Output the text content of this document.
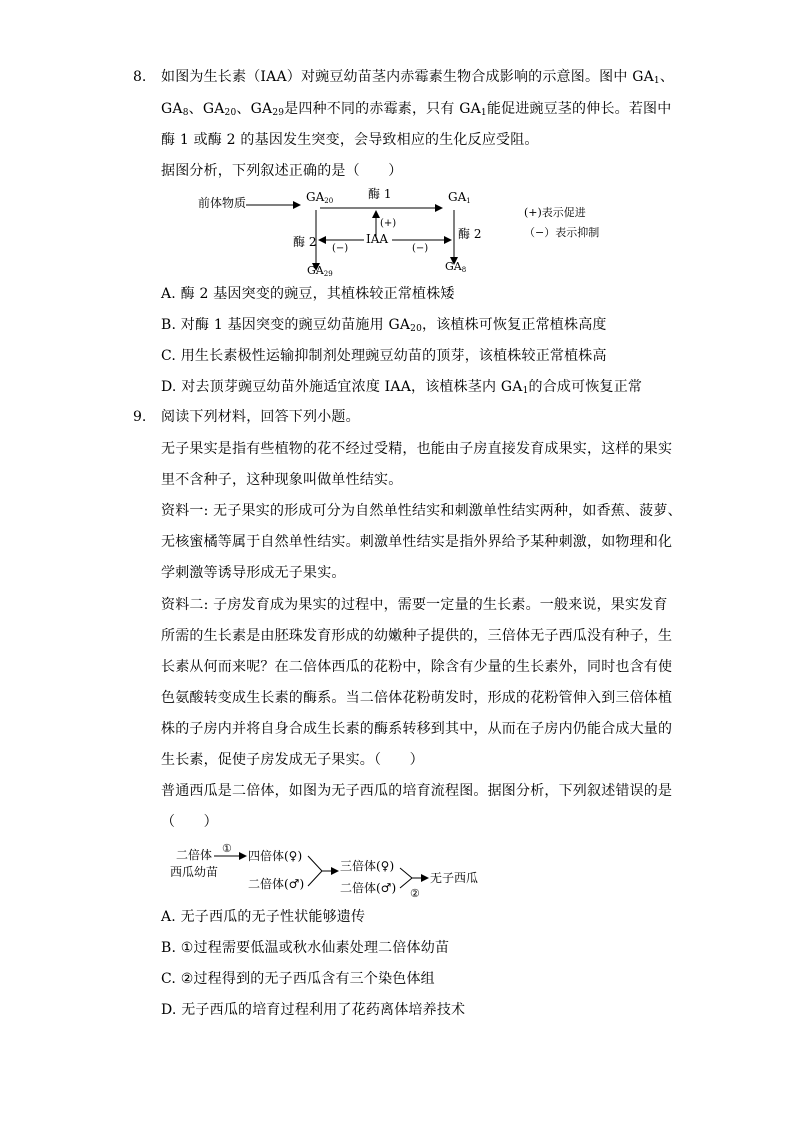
8. 如图为生长素（IAA）对豌豆幼苗茎内赤霉素生物合成影响的示意图。图中 $GA_1$、
$GA_8$、$GA_{20}$、$GA_{29}$是四种不同的赤霉素，只有 $GA_1$能促进豌豆茎的伸长。若图中
酶 1 或酶 2 的基因发生突变，会导致相应的生化反应受阻。
据图分析，下列叙述正确的是（　　）
前体物质	GA20	酶 1	GA1
酶 2
GA29
酶 2
GA8
(+)
IAA
(−)	(−)
(+)表示促进
（−）表示抑制
A. 酶 2 基因突变的豌豆，其植株较正常植株矮
B. 对酶 1 基因突变的豌豆幼苗施用 $GA_{20}$，该植株可恢复正常植株高度
C. 用生长素极性运输抑制剂处理豌豆幼苗的顶芽，该植株较正常植株高
D. 对去顶芽豌豆幼苗外施适宜浓度 IAA，该植株茎内 $GA_1$的合成可恢复正常
9. 阅读下列材料，回答下列小题。
无子果实是指有些植物的花不经过受精，也能由子房直接发育成果实，这样的果实
里不含种子，这种现象叫做单性结实。
资料一: 无子果实的形成可分为自然单性结实和刺激单性结实两种，如香蕉、菠萝、
无核蜜橘等属于自然单性结实。刺激单性结实是指外界给予某种刺激，如物理和化
学刺激等诱导形成无子果实。
资料二: 子房发育成为果实的过程中，需要一定量的生长素。一般来说，果实发育
所需的生长素是由胚珠发育形成的幼嫩种子提供的，三倍体无子西瓜没有种子，生
长素从何而来呢？在二倍体西瓜的花粉中，除含有少量的生长素外，同时也含有使
色氨酸转变成生长素的酶系。当二倍体花粉萌发时，形成的花粉管伸入到三倍体植
株的子房内并将自身合成生长素的酶系转移到其中，从而在子房内仍能合成大量的
生长素，促使子房发成无子果实。（　　）
普通西瓜是二倍体，如图为无子西瓜的培育流程图。据图分析，下列叙述错误的是
（　　）
二倍体
西瓜幼苗
①
四倍体(♀)
二倍体(♂)
三倍体(♀)
二倍体(♂) ②
无子西瓜
A. 无子西瓜的无子性状能够遗传
B. ①过程需要低温或秋水仙素处理二倍体幼苗
C. ②过程得到的无子西瓜含有三个染色体组
D. 无子西瓜的培育过程利用了花药离体培养技术
